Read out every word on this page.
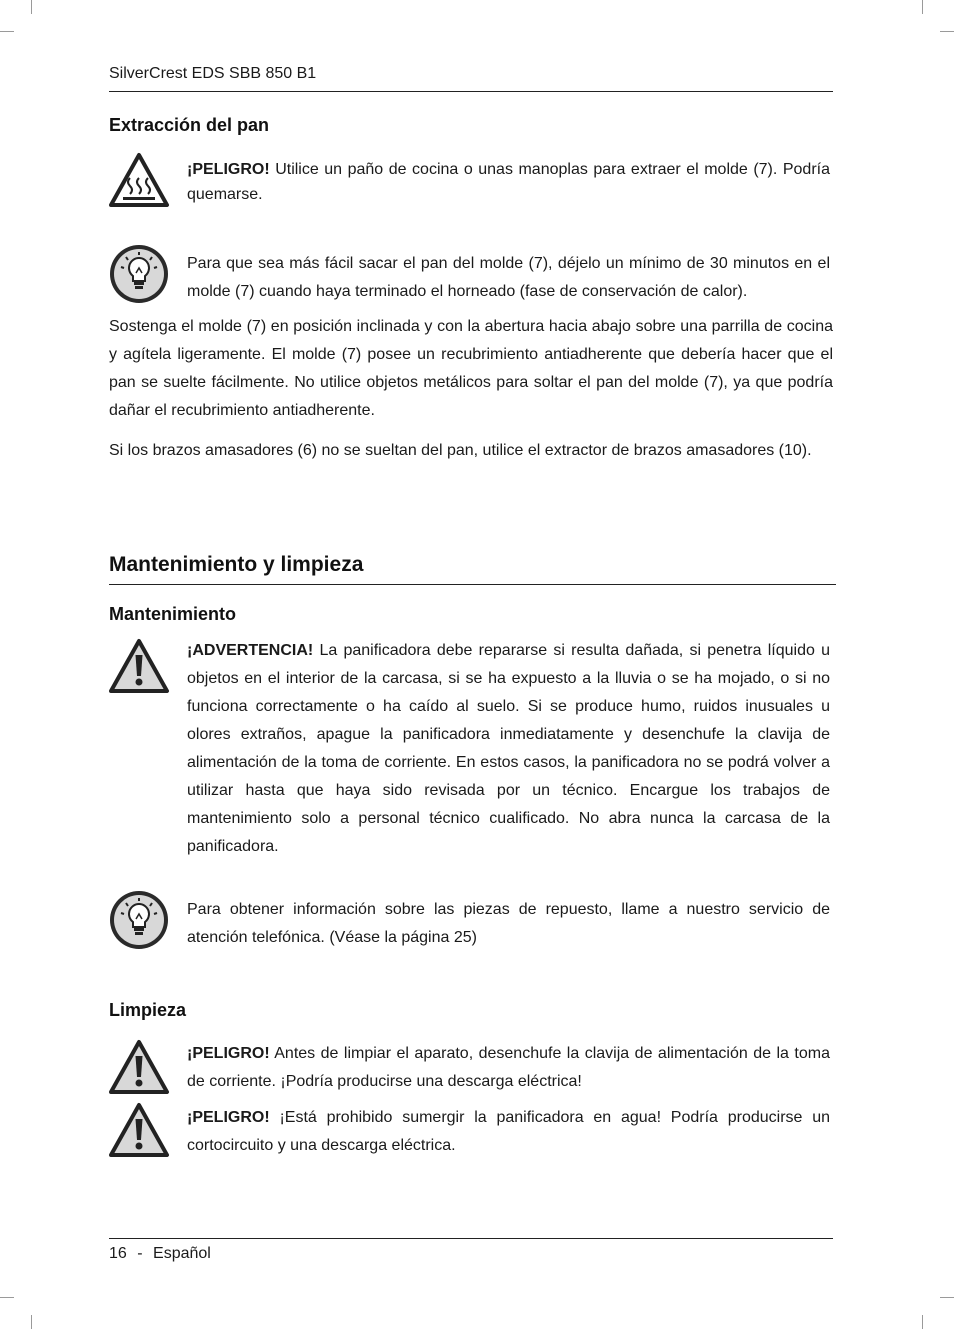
SilverCrest EDS SBB 850 B1
Extracción del pan
¡PELIGRO! Utilice un paño de cocina o unas manoplas para extraer el molde (7). Podría quemarse.
Para que sea más fácil sacar el pan del molde (7), déjelo un mínimo de 30 minutos en el molde (7) cuando haya terminado el horneado (fase de conservación de calor).
Sostenga el molde (7) en posición inclinada y con la abertura hacia abajo sobre una parrilla de cocina y agítela ligeramente. El molde (7) posee un recubrimiento antiadherente que debería hacer que el pan se suelte fácilmente. No utilice objetos metálicos para soltar el pan del molde (7), ya que podría dañar el recubrimiento antiadherente.
Si los brazos amasadores (6) no se sueltan del pan, utilice el extractor de brazos amasadores (10).
Mantenimiento y limpieza
Mantenimiento
¡ADVERTENCIA! La panificadora debe repararse si resulta dañada, si penetra líquido u objetos en el interior de la carcasa, si se ha expuesto a la lluvia o se ha mojado, o si no funciona correctamente o ha caído al suelo. Si se produce humo, ruidos inusuales u olores extraños, apague la panificadora inmediatamente y desenchufe la clavija de alimentación de la toma de corriente. En estos casos, la panificadora no se podrá volver a utilizar hasta que haya sido revisada por un técnico. Encargue los trabajos de mantenimiento solo a personal técnico cualificado. No abra nunca la carcasa de la panificadora.
Para obtener información sobre las piezas de repuesto, llame a nuestro servicio de atención telefónica. (Véase la página 25)
Limpieza
¡PELIGRO! Antes de limpiar el aparato, desenchufe la clavija de alimentación de la toma de corriente. ¡Podría producirse una descarga eléctrica!
¡PELIGRO! ¡Está prohibido sumergir la panificadora en agua! Podría producirse un cortocircuito y una descarga eléctrica.
16 - Español
